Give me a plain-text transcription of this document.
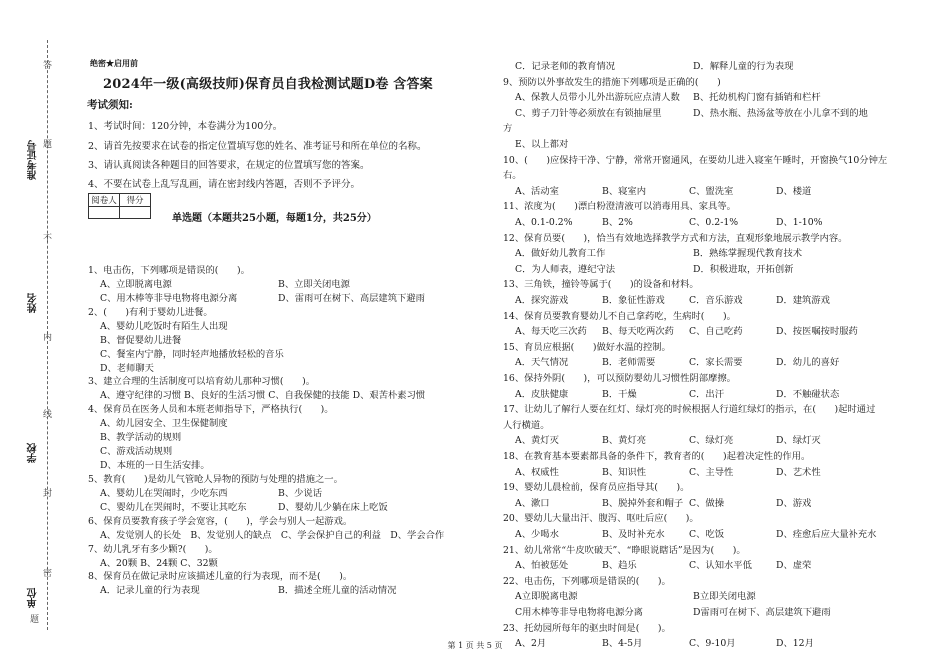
准考证号
姓名
学校
单位
答
题
不
内
线
封
密
题
绝密★启用前
2024年一级(高级技师)保育员自我检测试题D卷 含答案
考试须知:
1、考试时间：120分钟，本卷满分为100分。
2、请首先按要求在试卷的指定位置填写您的姓名、准考证号和所在单位的名称。
3、请认真阅读各种题目的回答要求，在规定的位置填写您的答案。
4、不要在试卷上乱写乱画，请在密封线内答题，否则不予评分。
阅卷人	得分

单选题（本题共25小题，每题1分，共25分）
1、电击伤，下列哪项是错误的(　　)。
A、立即脱离电源	B、立即关闭电源
C、用木棒等非导电物将电源分离	D、雷雨可在树下、高层建筑下避雨
2、(　　)有利于婴幼儿进餐。
A、婴幼儿吃饭时有陌生人出现
B、督促婴幼儿进餐
C、餐室内宁静，同时轻声地播放轻松的音乐
D、老师聊天
3、建立合理的生活制度可以培育幼儿那种习惯(　　)。
A、遵守纪律的习惯 B、良好的生活习惯 C、自我保健的技能 D、艰苦朴素习惯
4、保育员在医务人员和本班老师指导下，严格执行(　　)。
A、幼儿园安全、卫生保健制度
B、教学活动的规则
C、游戏活动规则
D、本班的一日生活安排。
5、教育(　　)是幼儿气管呛人异物的预防与处理的措施之一。
A、婴幼儿在哭闹时，少吃东西	B、少说话
C、婴幼儿在哭闹时，不要让其吃东	D、婴幼儿少躺在床上吃饭
6、保育员要教育孩子学会宽容，(　　)，学会与别人一起游戏。
A、发觉别人的长处　B、发觉别人的缺点　C、学会保护自己的利益　D、学会合作
7、幼儿乳牙有多少颗?(　　)。
A、20颗 B、24颗 C、32颗
8、保育员在做记录时应该描述儿童的行为表现，而不是(　　)。
A．记录儿童的行为表现	B．描述全班儿童的活动情况
C．记录老师的教育情况	D．解释儿童的行为表现
9、预防以外事故发生的措施下列哪项是正确的(　　)
A、保教人员带小儿外出游玩应点清人数 B、托幼机构门窗有插销和栏杆
C、剪子刀针等必须放在有锁抽屉里	D、热水瓶、热汤盆等放在小儿拿不到的地
方
E、以上都对
10、(　　)应保持干净、宁静，常常开窗通风，在要幼儿进入寝室午睡时，开窗换气10分钟左
右。
A、活动室	B、寝室内	C、盥洗室	D、楼道
11、浓度为(　　)漂白粉澄清液可以消毒用具、家具等。
A、0.1-0.2%	B、2%	C、0.2-1%	D、1-10%
12、保育员要(　　)，恰当有效地选择教学方式和方法，直观形象地展示教学内容。
A．做好幼儿教育工作	B．熟练掌握现代教育技术
C．为人师表，遵纪守法	D．积极进取，开拓创新
13、三角铁，撞铃等属于(　　)的设备和材料。
A．探究游戏	B．象征性游戏	C．音乐游戏	D．建筑游戏
14、保育员要教育婴幼儿不自己拿药吃，生病时(　　)。
A、每天吃三次药 B、每天吃两次药 C、自己吃药	D、按医嘱按时服药
15、育员应根据(　　)做好水温的控制。
A．天气情况	B．老师需要	C．家长需要	D．幼儿的喜好
16、保持外阴(　　)，可以预防婴幼儿习惯性阴部摩擦。
A．皮肤健康	B．干燥	C．出汗	D．不触碰状态
17、让幼儿了解行人要在红灯、绿灯亮的时候根据人行道红绿灯的指示，在(　　)起时通过
人行横道。
A、黄灯灭	B、黄灯亮	C、绿灯亮	D、绿灯灭
18、在教育基本要素都具备的条件下，教育者的(　　)起着决定性的作用。
A、权威性	B、知识性	C、主导性	D、艺术性
19、婴幼儿晨检前，保育员应指导其(　　)。
A、漱口	B、脱掉外套和帽子 C、做操	D、游戏
20、婴幼儿大量出汗、腹泻、呕吐后应(　　)。
A、少喝水	B、及时补充水	C、吃饭	D、痊愈后应大量补充水
21、幼儿常常“牛皮吹破天”、“睁眼说瞎话”是因为(　　)。
A、怕被惩处	B、趋乐	C、认知水平低	D、虚荣
22、电击伤，下列哪项是错误的(　　)。
A立即脱离电源	B立即关闭电源
C用木棒等非导电物将电源分离	D雷雨可在树下、高层建筑下避雨
23、托幼园所每年的驱虫时间是(　　)。
A、2月	B、4-5月	C、9-10月	D、12月
第 1 页 共 5 页
